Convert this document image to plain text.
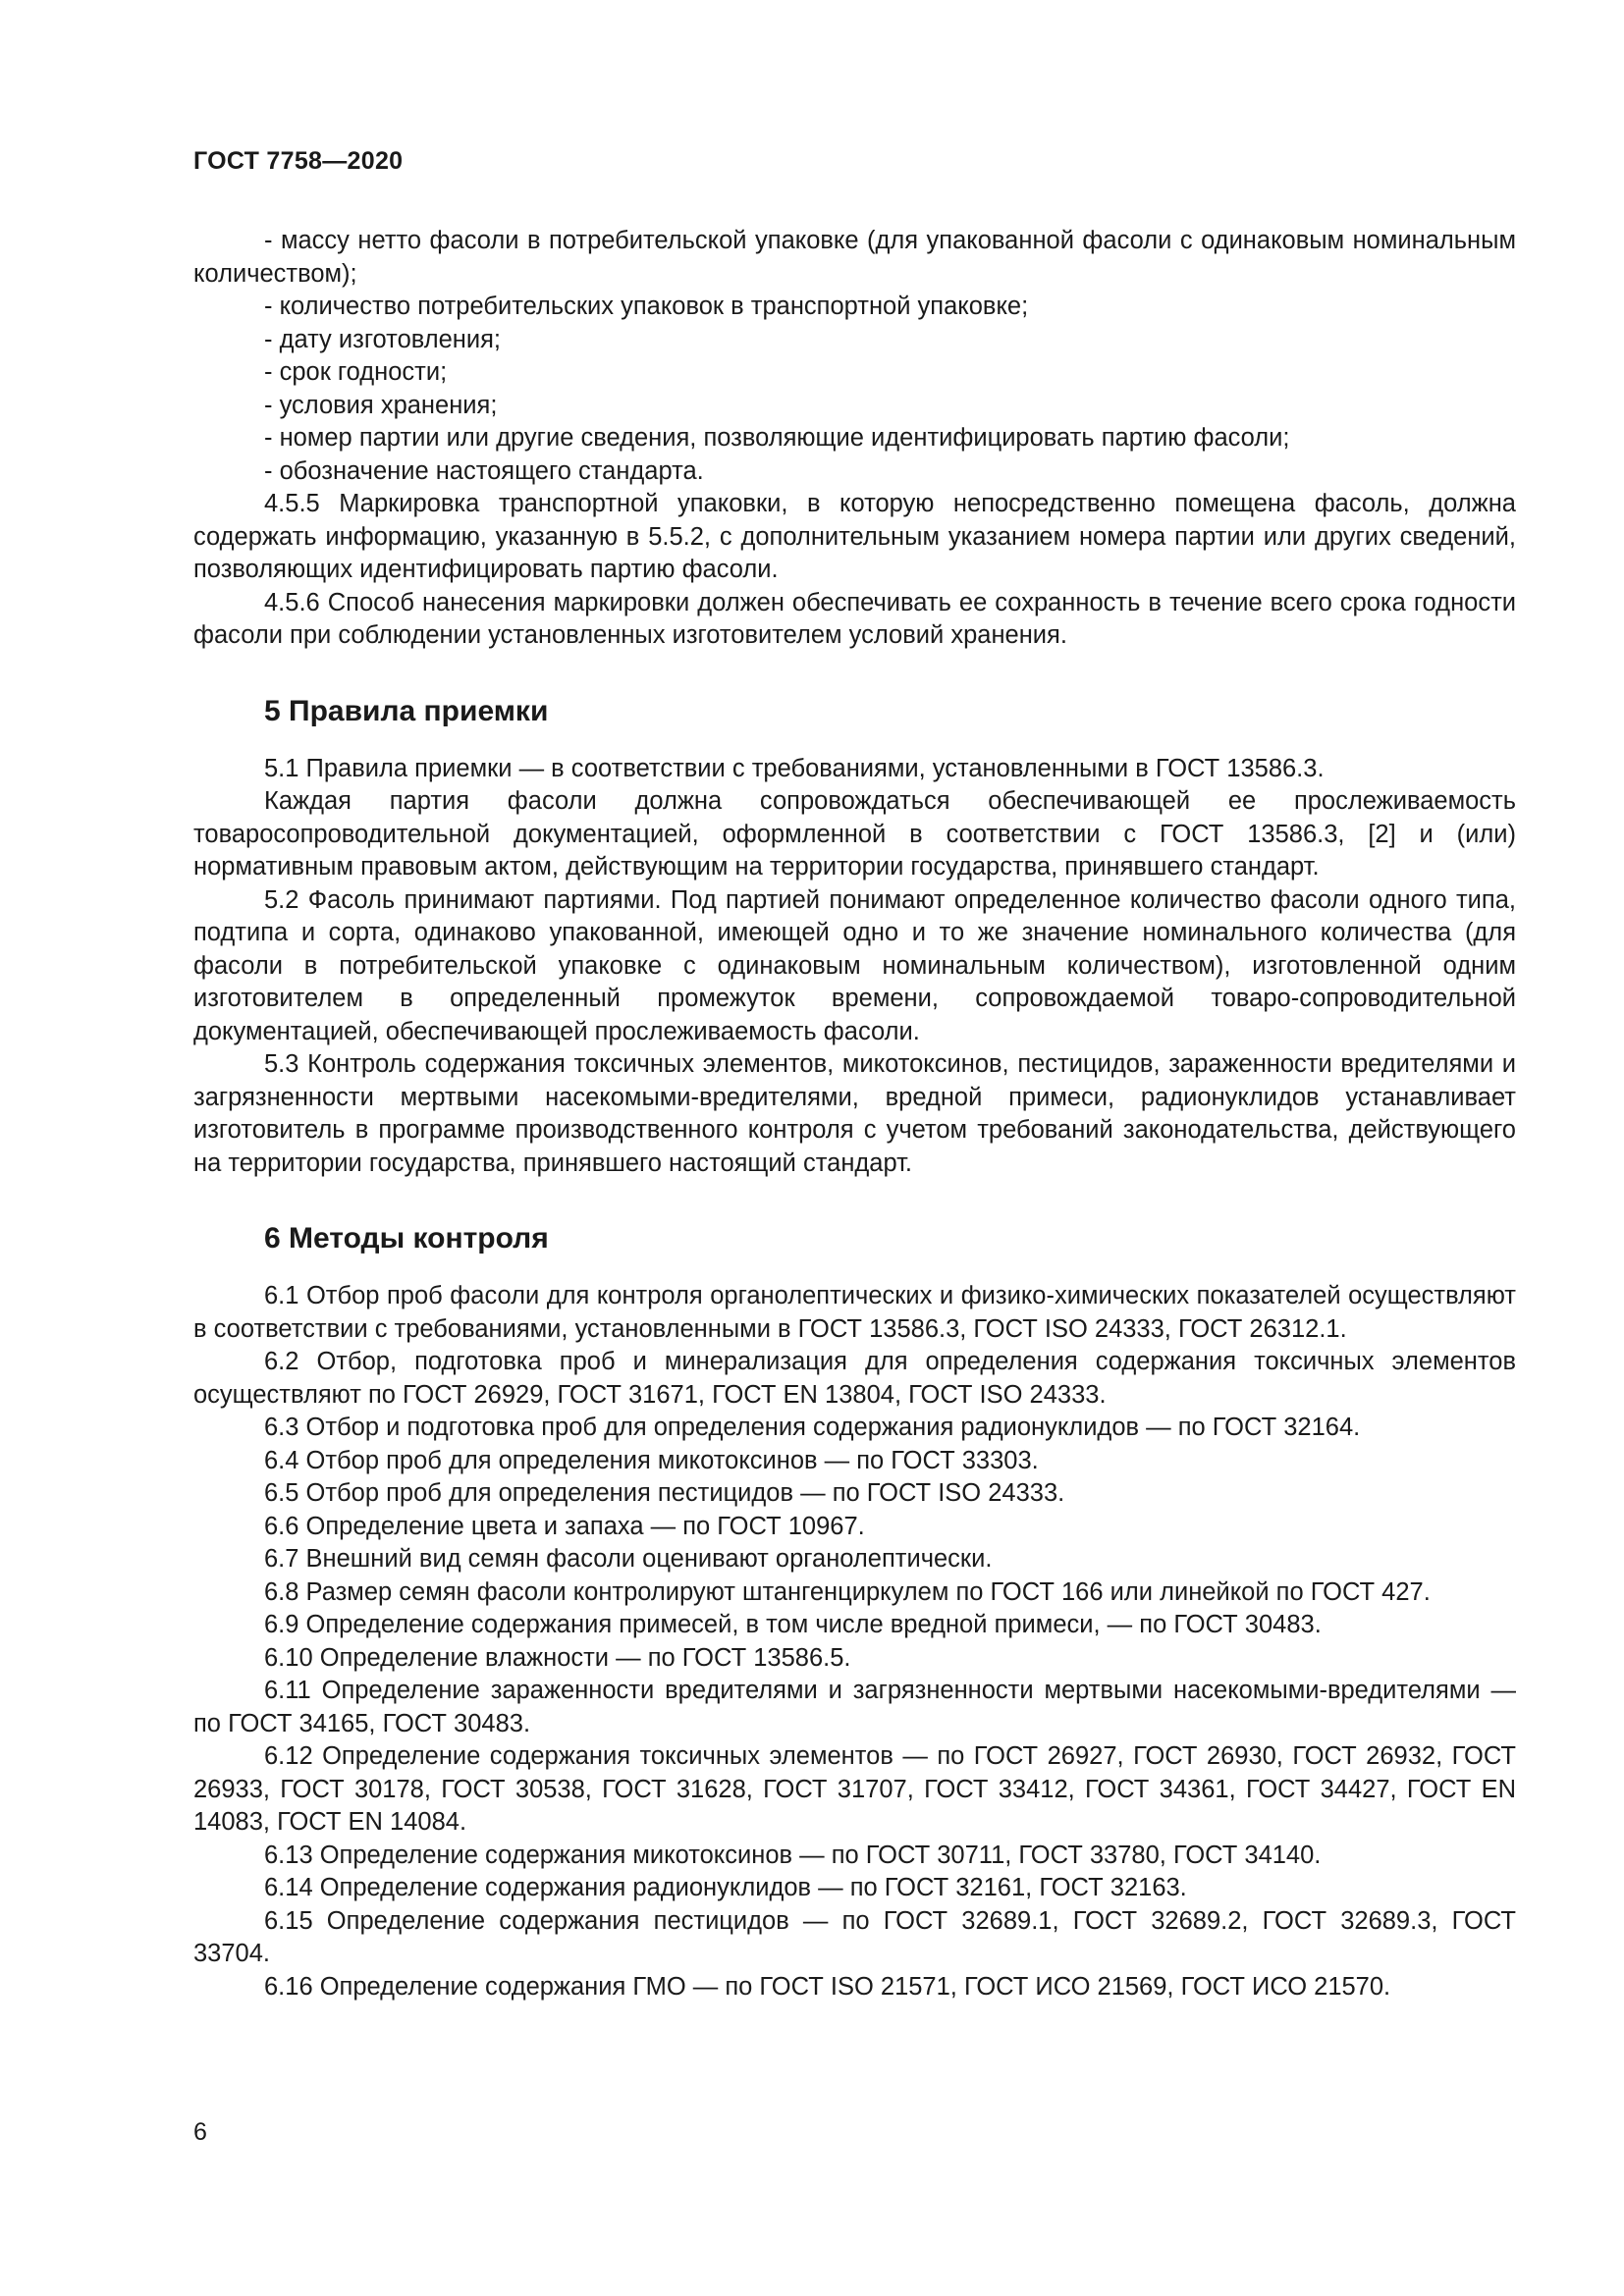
ГОСТ 7758—2020

- массу нетто фасоли в потребительской упаковке (для упакованной фасоли с одинаковым номинальным количеством);

- количество потребительских упаковок в транспортной упаковке;

- дату изготовления;

- срок годности;

- условия хранения;

- номер партии или другие сведения, позволяющие идентифицировать партию фасоли;

- обозначение настоящего стандарта.

4.5.5 Маркировка транспортной упаковки, в которую непосредственно помещена фасоль, должна содержать информацию, указанную в 5.5.2, с дополнительным указанием номера партии или других сведений, позволяющих идентифицировать партию фасоли.

4.5.6 Способ нанесения маркировки должен обеспечивать ее сохранность в течение всего срока годности фасоли при соблюдении установленных изготовителем условий хранения.

5 Правила приемки

5.1 Правила приемки — в соответствии с требованиями, установленными в ГОСТ 13586.3.

Каждая партия фасоли должна сопровождаться обеспечивающей ее прослеживаемость товаросопроводительной документацией, оформленной в соответствии с ГОСТ 13586.3, [2] и (или) нормативным правовым актом, действующим на территории государства, принявшего стандарт.

5.2 Фасоль принимают партиями. Под партией понимают определенное количество фасоли одного типа, подтипа и сорта, одинаково упакованной, имеющей одно и то же значение номинального количества (для фасоли в потребительской упаковке с одинаковым номинальным количеством), изготовленной одним изготовителем в определенный промежуток времени, сопровождаемой товаро-сопроводительной документацией, обеспечивающей прослеживаемость фасоли.

5.3 Контроль содержания токсичных элементов, микотоксинов, пестицидов, зараженности вредителями и загрязненности мертвыми насекомыми-вредителями, вредной примеси, радионуклидов устанавливает изготовитель в программе производственного контроля с учетом требований законодательства, действующего на территории государства, принявшего настоящий стандарт.

6 Методы контроля

6.1 Отбор проб фасоли для контроля органолептических и физико-химических показателей осуществляют в соответствии с требованиями, установленными в ГОСТ 13586.3, ГОСТ ISO 24333, ГОСТ 26312.1.

6.2 Отбор, подготовка проб и минерализация для определения содержания токсичных элементов осуществляют по ГОСТ 26929, ГОСТ 31671, ГОСТ EN 13804, ГОСТ ISO 24333.

6.3 Отбор и подготовка проб для определения содержания радионуклидов — по ГОСТ 32164.

6.4 Отбор проб для определения микотоксинов — по ГОСТ 33303.

6.5 Отбор проб для определения пестицидов — по ГОСТ ISO 24333.

6.6 Определение цвета и запаха — по ГОСТ 10967.

6.7 Внешний вид семян фасоли оценивают органолептически.

6.8 Размер семян фасоли контролируют штангенциркулем по ГОСТ 166 или линейкой по ГОСТ 427.

6.9 Определение содержания примесей, в том числе вредной примеси, — по ГОСТ 30483.

6.10 Определение влажности — по ГОСТ 13586.5.

6.11 Определение зараженности вредителями и загрязненности мертвыми насекомыми-вредителями — по ГОСТ 34165, ГОСТ 30483.

6.12 Определение содержания токсичных элементов — по ГОСТ 26927, ГОСТ 26930, ГОСТ 26932, ГОСТ 26933, ГОСТ 30178, ГОСТ 30538, ГОСТ 31628, ГОСТ 31707, ГОСТ 33412, ГОСТ 34361, ГОСТ 34427, ГОСТ EN 14083, ГОСТ EN 14084.

6.13 Определение содержания микотоксинов — по ГОСТ 30711, ГОСТ 33780, ГОСТ 34140.

6.14 Определение содержания радионуклидов — по ГОСТ 32161, ГОСТ 32163.

6.15 Определение содержания пестицидов — по ГОСТ 32689.1, ГОСТ 32689.2, ГОСТ 32689.3, ГОСТ 33704.

6.16 Определение содержания ГМО — по ГОСТ ISO 21571, ГОСТ ИСО 21569, ГОСТ ИСО 21570.

6
